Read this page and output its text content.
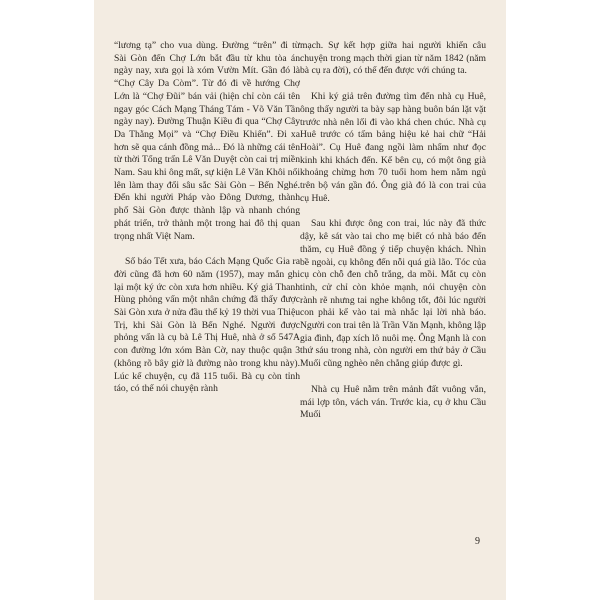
“lương tạ” cho vua dùng. Đường “trên” đi từ Sài Gòn đến Chợ Lớn bắt đầu từ khu tòa án ngày nay, xưa gọi là xóm Vườn Mít. Gần đó là “Chợ Cây Da Còm”. Từ đó đi về hướng Chợ Lớn là “Chợ Đũi” bán vải (hiện chỉ còn cái tên ngay góc Cách Mạng Tháng Tám - Võ Văn Tần ngày nay). Đường Thuận Kiều đi qua “Chợ Cây Da Thằng Mọi” và “Chợ Điều Khiển”. Đi xa hơn sẽ qua cánh đồng mả... Đó là những cái tên từ thời Tổng trấn Lê Văn Duyệt còn cai trị miền Nam. Sau khi ông mất, sự kiện Lê Văn Khôi nổi lên làm thay đổi sâu sắc Sài Gòn – Bến Nghé. Đến khi người Pháp vào Đông Dương, thành phố Sài Gòn được thành lập và nhanh chóng phát triển, trở thành một trong hai đô thị quan trọng nhất Việt Nam.

Số báo Tết xưa, báo Cách Mạng Quốc Gia ra đời cũng đã hơn 60 năm (1957), may mắn ghi lại một ký ức còn xưa hơn nhiều. Ký giả Thanh Hùng phỏng vấn một nhân chứng đã thấy được Sài Gòn xưa ở nửa đầu thế kỷ 19 thời vua Thiệu Trị, khi Sài Gòn là Bến Nghé. Người được phỏng vấn là cụ bà Lê Thị Huê, nhà ở số 547A con đường lớn xóm Bàn Cờ, nay thuộc quận 3 (không rõ bây giờ là đường nào trong khu này). Lúc kể chuyện, cụ đã 115 tuổi. Bà cụ còn tỉnh táo, có thể nói chuyện rành

mạch. Sự kết hợp giữa hai người khiến câu chuyện trong mạch thời gian từ năm 1842 (năm bà cụ ra đời), có thể đến được với chúng ta.

Khi ký giả trên đường tìm đến nhà cụ Huê, ông thấy người ta bày sạp hàng buôn bán lặt vặt trước nhà nên lối đi vào khá chen chúc. Nhà cụ Huê trước có tấm bảng hiệu kẻ hai chữ “Hải Hoài”. Cụ Huê đang ngồi làm nhẩm như đọc kinh khi khách đến. Kế bên cụ, có một ông già khoảng chừng hơn 70 tuổi hom hem nằm ngủ trên bộ ván gần đó. Ông già đó là con trai của cụ Huê.

Sau khi được ông con trai, lúc này đã thức dậy, kê sát vào tai cho mẹ biết có nhà báo đến thăm, cụ Huê đồng ý tiếp chuyện khách. Nhìn bề ngoài, cụ không đến nỗi quá già lão. Tóc của cụ còn chỗ đen chỗ trắng, da mồi. Mắt cụ còn tinh, cử chỉ còn khỏe mạnh, nói chuyện còn rành rẽ nhưng tai nghe không tốt, đôi lúc người con phải kể vào tai mà nhắc lại lời nhà báo. Người con trai tên là Trần Văn Mạnh, không lập gia đình, đạp xích lô nuôi mẹ. Ông Mạnh là con thứ sáu trong nhà, còn người em thứ bảy ở Cầu Muối cũng nghèo nên chẳng giúp được gì.

Nhà cụ Huê nằm trên mảnh đất vuông vắn, mái lợp tôn, vách ván. Trước kia, cụ ở khu Cầu Muối

9
